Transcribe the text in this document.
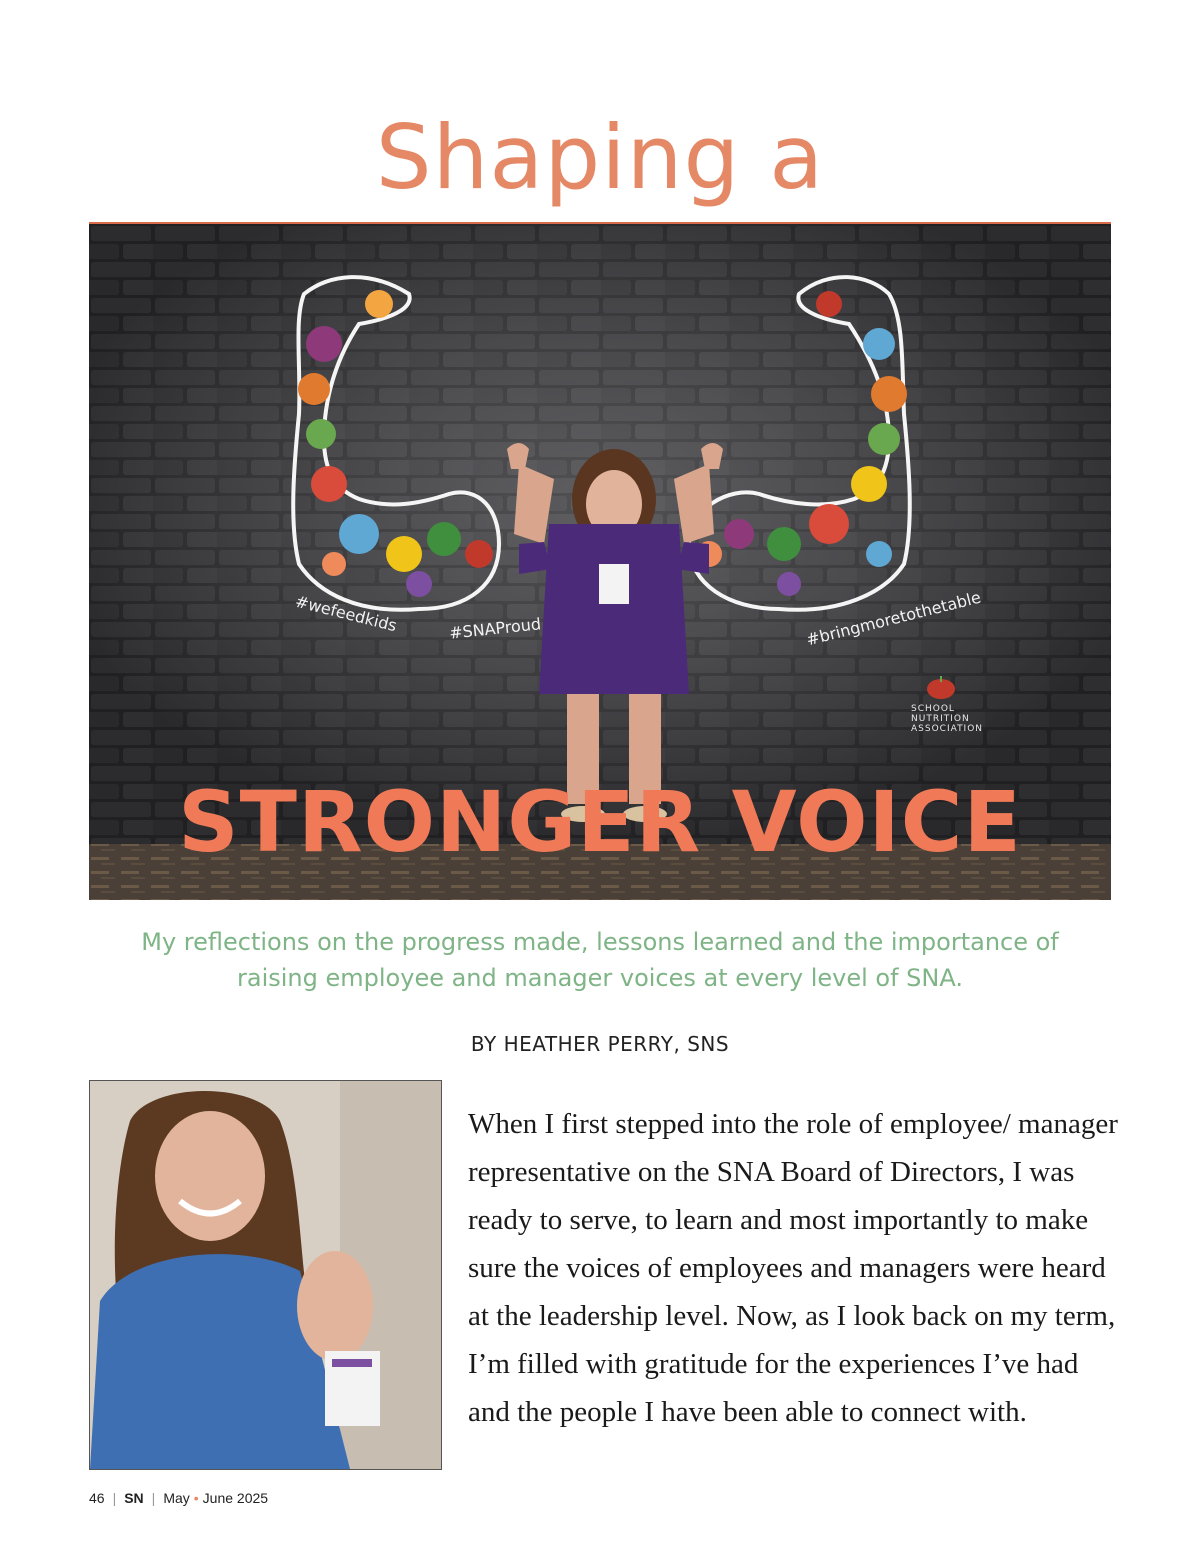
Shaping a
#wefeedkids	#SNAProud	#bringmoretothetable
SCHOOL
NUTRITION
ASSOCIATION
STRONGER VOICE
My reflections on the progress made, lessons learned and the importance of
raising employee and manager voices at every level of SNA.
BY HEATHER PERRY, SNS
When I first stepped into the role of employee/ manager representative on the SNA Board of Directors, I was ready to serve, to learn and most importantly to make sure the voices of employees and managers were heard at the leadership level. Now, as I look back on my term, I’m filled with gratitude for the experiences I’ve had and the people I have been able to connect with.
46 | SN | May • June 2025
